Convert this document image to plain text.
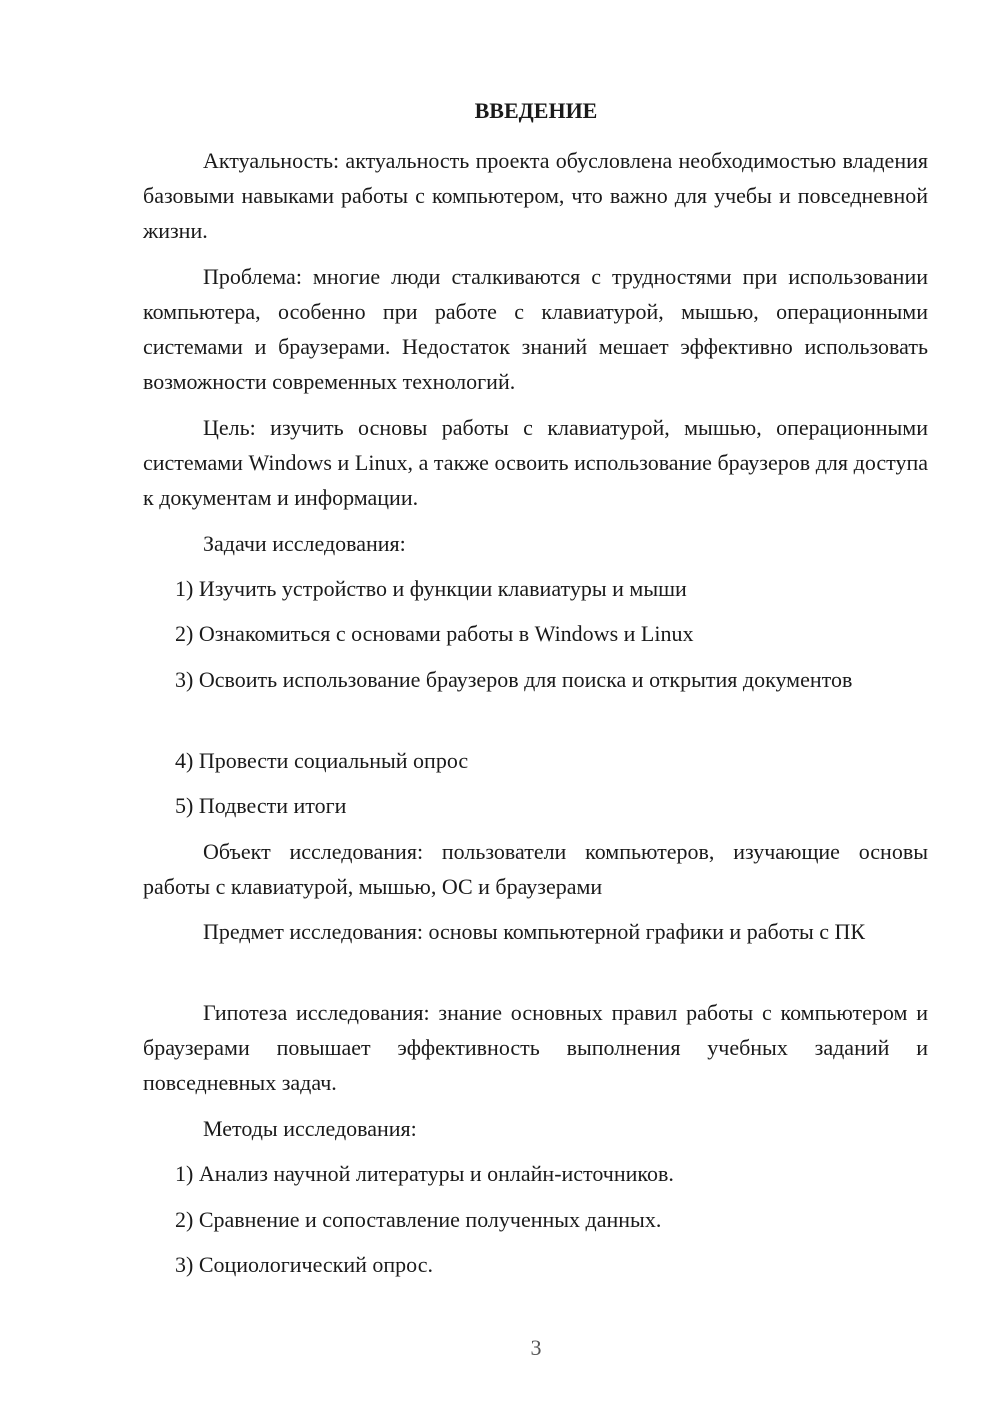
ВВЕДЕНИЕ

Актуальность: актуальность проекта обусловлена необходимостью владения базовыми навыками работы с компьютером, что важно для учебы и повседневной жизни.

Проблема: многие люди сталкиваются с трудностями при использовании компьютера, особенно при работе с клавиатурой, мышью, операционными системами и браузерами. Недостаток знаний мешает эффективно использовать возможности современных технологий.

Цель: изучить основы работы с клавиатурой, мышью, операционными системами Windows и Linux, а также освоить использование браузеров для доступа к документам и информации.

Задачи исследования:

1) Изучить устройство и функции клавиатуры и мыши

2) Ознакомиться с основами работы в Windows и Linux

3) Освоить использование браузеров для поиска и открытия документов

4) Провести социальный опрос

5) Подвести итоги

Объект исследования: пользователи компьютеров, изучающие основы работы с клавиатурой, мышью, ОС и браузерами

Предмет исследования: основы компьютерной графики и работы с ПК

Гипотеза исследования: знание основных правил работы с компьютером и браузерами повышает эффективность выполнения учебных заданий и повседневных задач.

Методы исследования:

1) Анализ научной литературы и онлайн-источников.

2) Сравнение и сопоставление полученных данных.

3) Социологический опрос.

3
